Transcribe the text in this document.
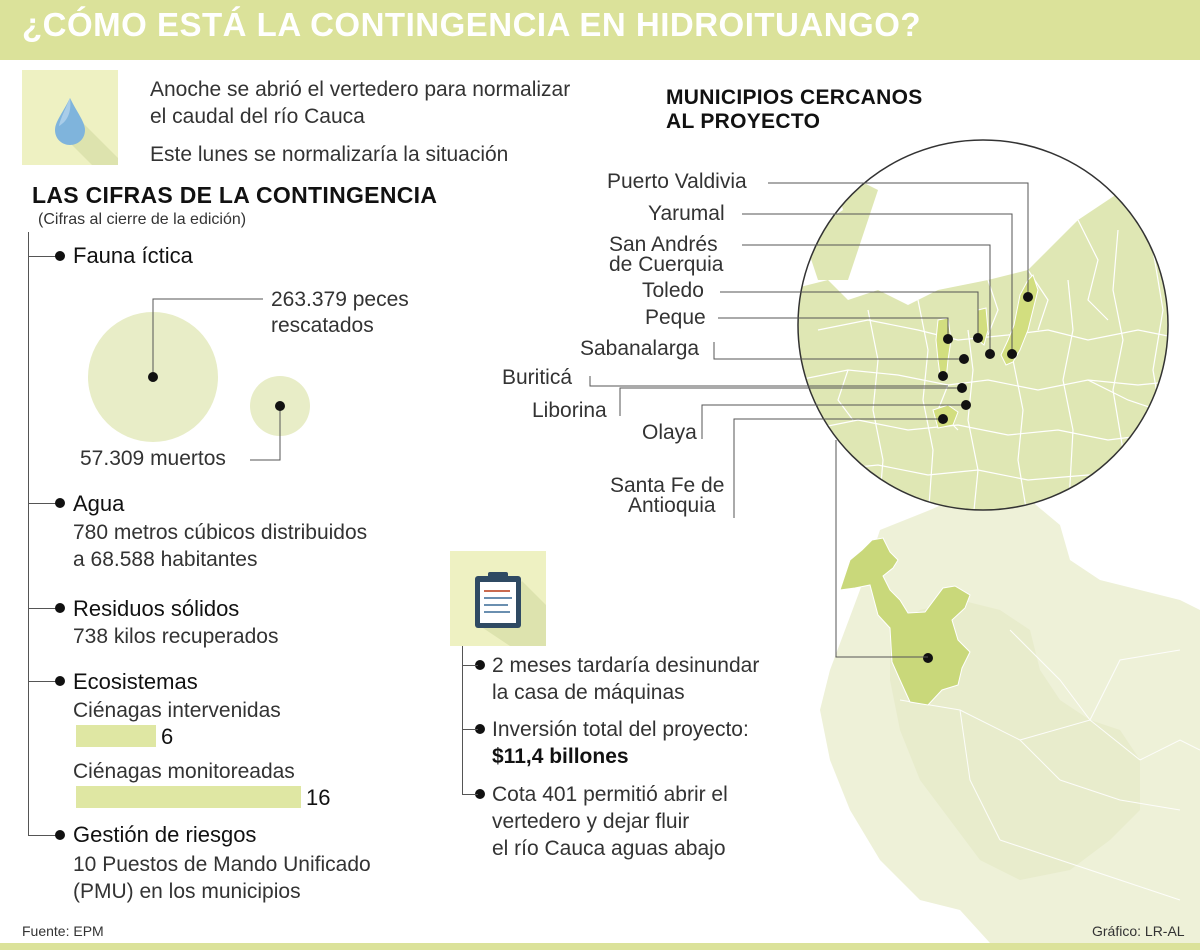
¿CÓMO ESTÁ LA CONTINGENCIA EN HIDROITUANGO?
Anoche se abrió el vertedero para normalizar
el caudal del río Cauca
Este lunes se normalizaría la situación
LAS CIFRAS DE LA CONTINGENCIA
(Cifras al cierre de la edición)
Fauna íctica
263.379 peces
rescatados
57.309 muertos
Agua
780 metros cúbicos distribuidos
a 68.588 habitantes
Residuos sólidos
738 kilos recuperados
Ecosistemas
Ciénagas intervenidas
6
Ciénagas monitoreadas
16
Gestión de riesgos
10 Puestos de Mando Unificado
(PMU) en los municipios
MUNICIPIOS CERCANOS
AL PROYECTO
Puerto Valdivia
Yarumal
San Andrés
de Cuerquia
Toledo
Peque
Sabanalarga
Buriticá
Liborina
Olaya
Santa Fe de
Antioquia
2 meses tardaría desinundar
la casa de máquinas
Inversión total del proyecto:
$11,4 billones
Cota 401 permitió abrir el
vertedero y dejar fluir
el río Cauca aguas abajo
Fuente: EPM	Gráfico: LR-AL
